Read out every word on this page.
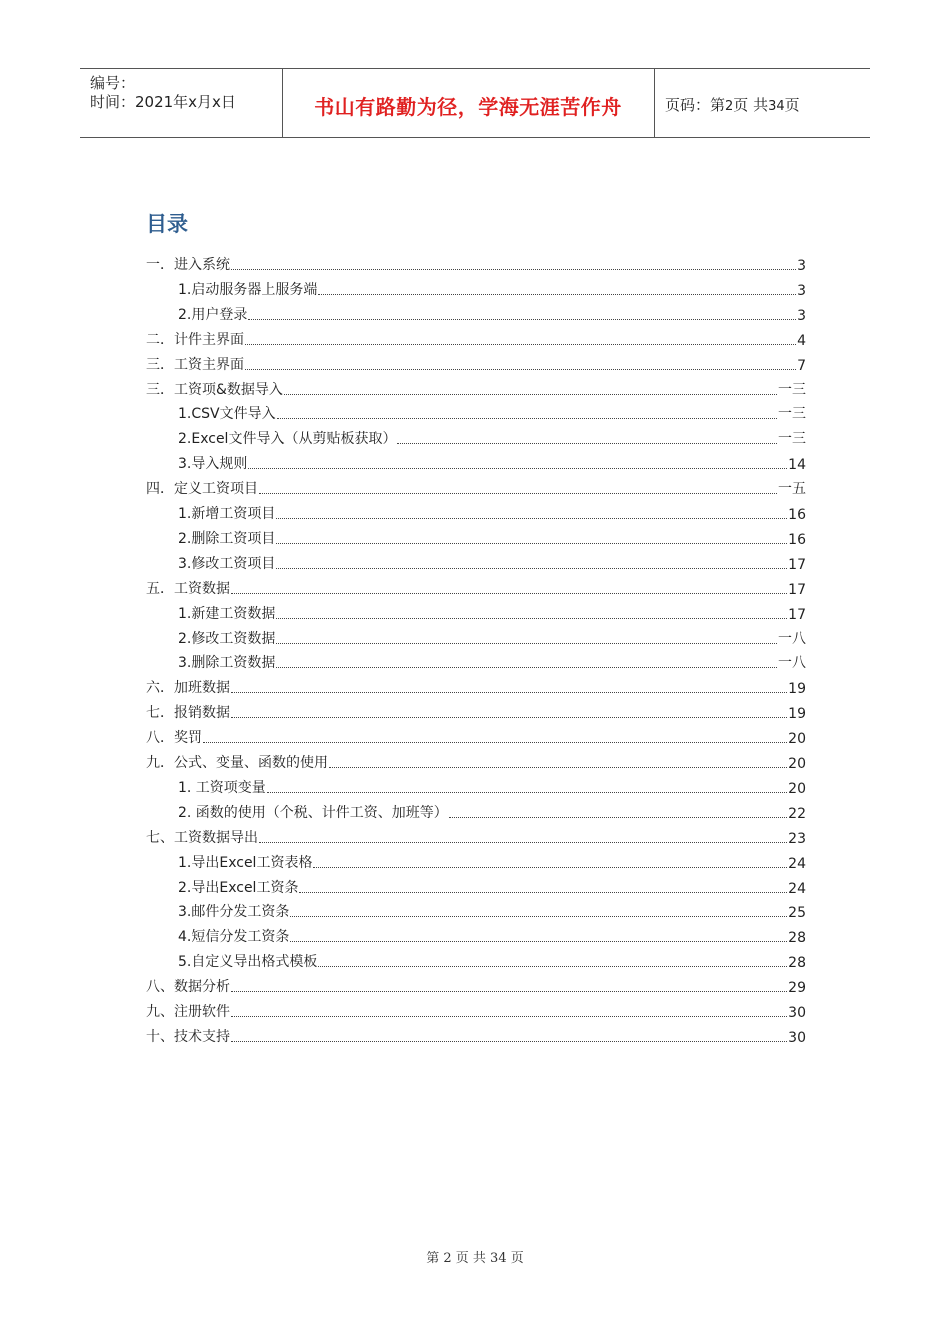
编号：
时间：2021年x月x日	书山有路勤为径，学海无涯苦作舟	页码：第2页 共34页
目录
一．进入系统	3
1.启动服务器上服务端	3
2.用户登录	3
二．计件主界面	4
三．工资主界面	7
三．工资项&数据导入	一三
1.CSV文件导入	一三
2.Excel文件导入（从剪贴板获取）	一三
3.导入规则	14
四．定义工资项目	一五
1.新增工资项目	16
2.删除工资项目	16
3.修改工资项目	17
五．工资数据	17
1.新建工资数据	17
2.修改工资数据	一八
3.删除工资数据	一八
六．加班数据	19
七．报销数据	19
八．奖罚	20
九．公式、变量、函数的使用	20
1. 工资项变量	20
2. 函数的使用（个税、计件工资、加班等）	22
七、工资数据导出	23
1.导出Excel工资表格	24
2.导出Excel工资条	24
3.邮件分发工资条	25
4.短信分发工资条	28
5.自定义导出格式模板	28
八、数据分析	29
九、注册软件	30
十、技术支持	30
第 2 页 共 34 页
